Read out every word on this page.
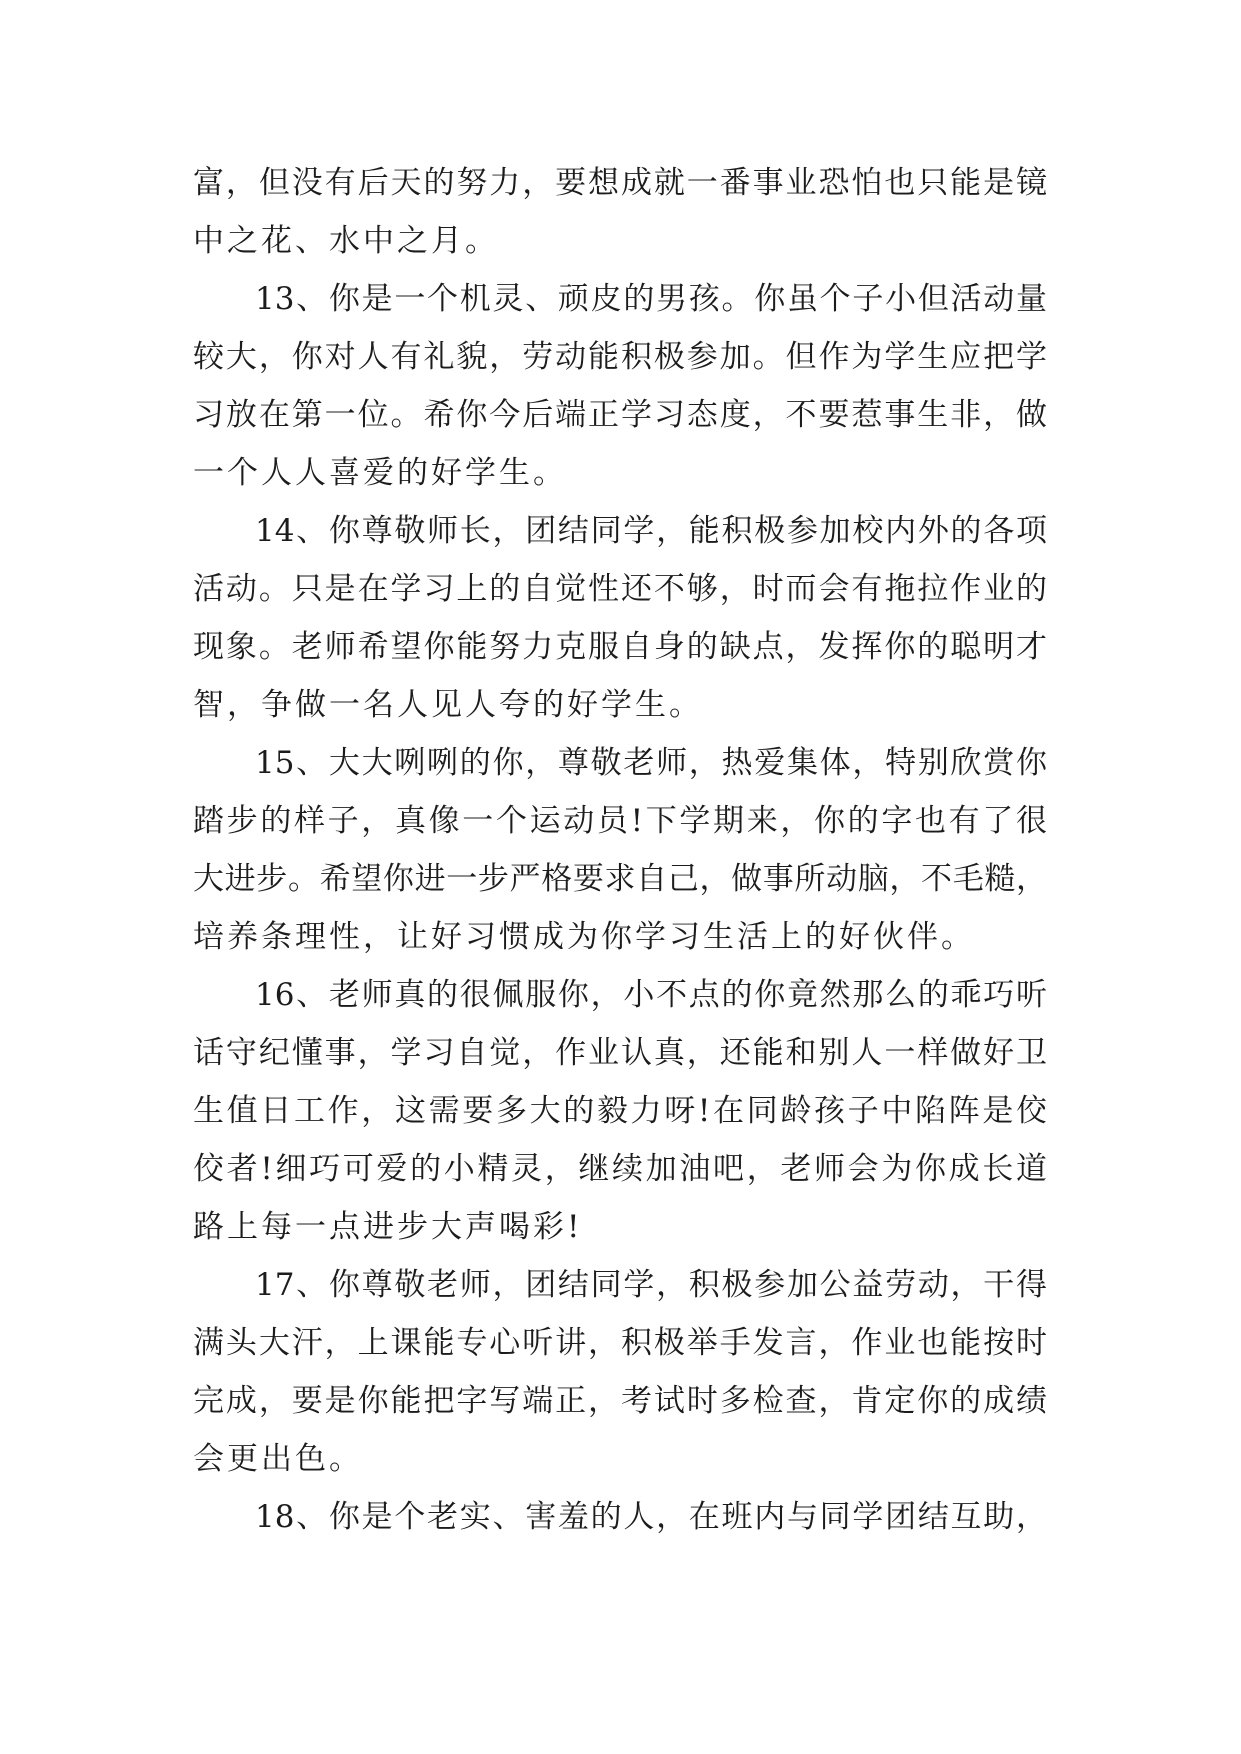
富，但没有后天的努力，要想成就一番事业恐怕也只能是镜
中之花、水中之月。
13、你是一个机灵、顽皮的男孩。你虽个子小但活动量
较大，你对人有礼貌，劳动能积极参加。但作为学生应把学
习放在第一位。希你今后端正学习态度，不要惹事生非，做
一个人人喜爱的好学生。
14、你尊敬师长，团结同学，能积极参加校内外的各项
活动。只是在学习上的自觉性还不够，时而会有拖拉作业的
现象。老师希望你能努力克服自身的缺点，发挥你的聪明才
智，争做一名人见人夸的好学生。
15、大大咧咧的你，尊敬老师，热爱集体，特别欣赏你
踏步的样子，真像一个运动员!下学期来，你的字也有了很
大进步。希望你进一步严格要求自己，做事所动脑，不毛糙，
培养条理性，让好习惯成为你学习生活上的好伙伴。
16、老师真的很佩服你，小不点的你竟然那么的乖巧听
话守纪懂事，学习自觉，作业认真，还能和别人一样做好卫
生值日工作，这需要多大的毅力呀!在同龄孩子中陷阵是佼
佼者!细巧可爱的小精灵，继续加油吧，老师会为你成长道
路上每一点进步大声喝彩!
17、你尊敬老师，团结同学，积极参加公益劳动，干得
满头大汗，上课能专心听讲，积极举手发言，作业也能按时
完成，要是你能把字写端正，考试时多检查，肯定你的成绩
会更出色。
18、你是个老实、害羞的人，在班内与同学团结互助，
